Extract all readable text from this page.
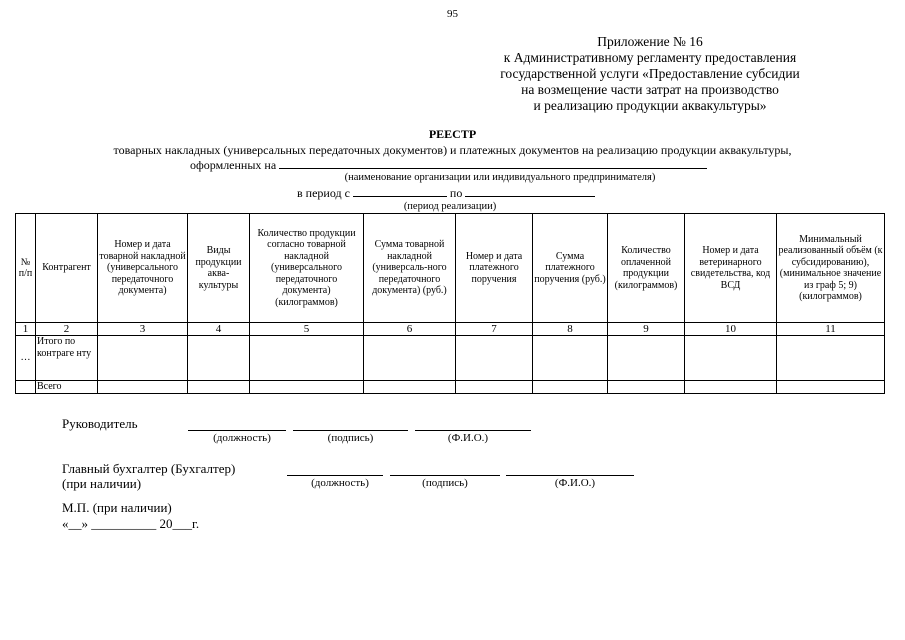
95
Приложение № 16
к Административному регламенту предоставления
государственной услуги «Предоставление субсидии
на возмещение части затрат на производство
и реализацию продукции аквакультуры»
РЕЕСТР
товарных накладных (универсальных передаточных документов) и платежных документов на реализацию продукции аквакультуры,
оформленных на
(наименование организации или индивидуального предпринимателя)
в период с	по
(период реализации)
№ п/п	Контрагент	Номер и дата товарной накладной (универсального передаточного документа)	Виды продукции аква-культуры	Количество продукции согласно товарной накладной (универсального передаточного документа) (килограммов)	Сумма товарной накладной (универсаль-ного передаточного документа) (руб.)	Номер и дата платежного поручения	Сумма платежного поручения (руб.)	Количество оплаченной продукции (килограммов)	Номер и дата ветеринарного свидетельства, код ВСД	Минимальный реализованный объём (к субсидированию), (минимальное значение из граф 5; 9) (килограммов)
1	2	3	4	5	6	7	8	9	10	11
…	Итого по контраге нту									
	Всего									
Руководитель
(должность)	(подпись)	(Ф.И.О.)
Главный бухгалтер (Бухгалтер)
(при наличии)	(должность)	(подпись)	(Ф.И.О.)
М.П. (при наличии)
«__» __________ 20___г.
